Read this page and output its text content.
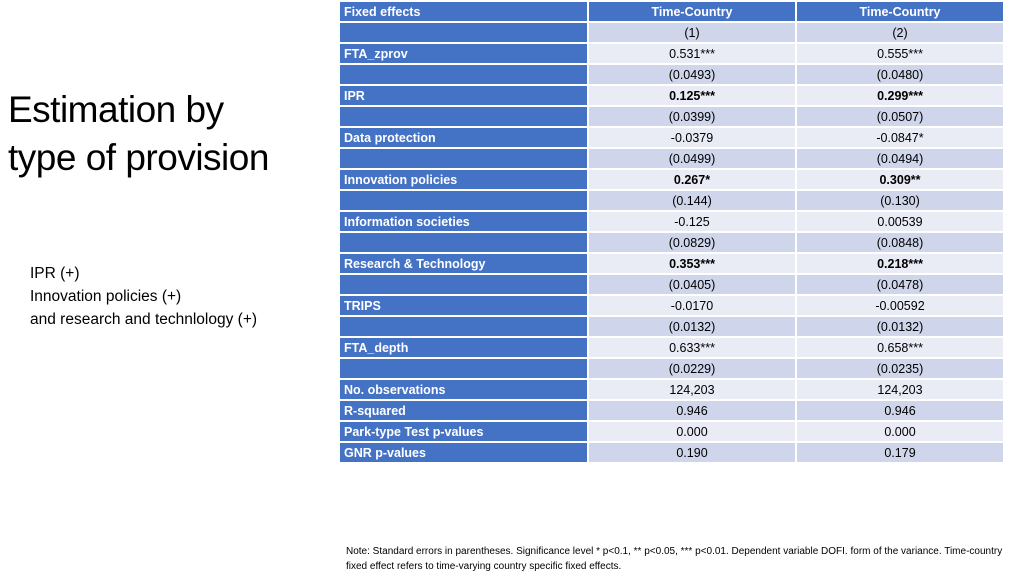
Estimation by
type of provision
IPR (+)
Innovation policies (+)
and research and technlology (+)
Fixed effects	Time-Country	Time-Country
	(1)	(2)
FTA_zprov	0.531***	0.555***
	(0.0493)	(0.0480)
IPR	0.125***	0.299***
	(0.0399)	(0.0507)
Data protection	-0.0379	-0.0847*
	(0.0499)	(0.0494)
Innovation policies	0.267*	0.309**
	(0.144)	(0.130)
Information societies	-0.125	0.00539
	(0.0829)	(0.0848)
Research & Technology	0.353***	0.218***
	(0.0405)	(0.0478)
TRIPS	-0.0170	-0.00592
	(0.0132)	(0.0132)
FTA_depth	0.633***	0.658***
	(0.0229)	(0.0235)
No. observations	124,203	124,203
R-squared	0.946	0.946
Park-type Test p-values	0.000	0.000
GNR p-values	0.190	0.179
Note: Standard errors in parentheses. Significance level * p<0.1, ** p<0.05, *** p<0.01. Dependent variable DOFI. form of the variance. Time-country fixed effect refers to time-varying country specific fixed effects.
